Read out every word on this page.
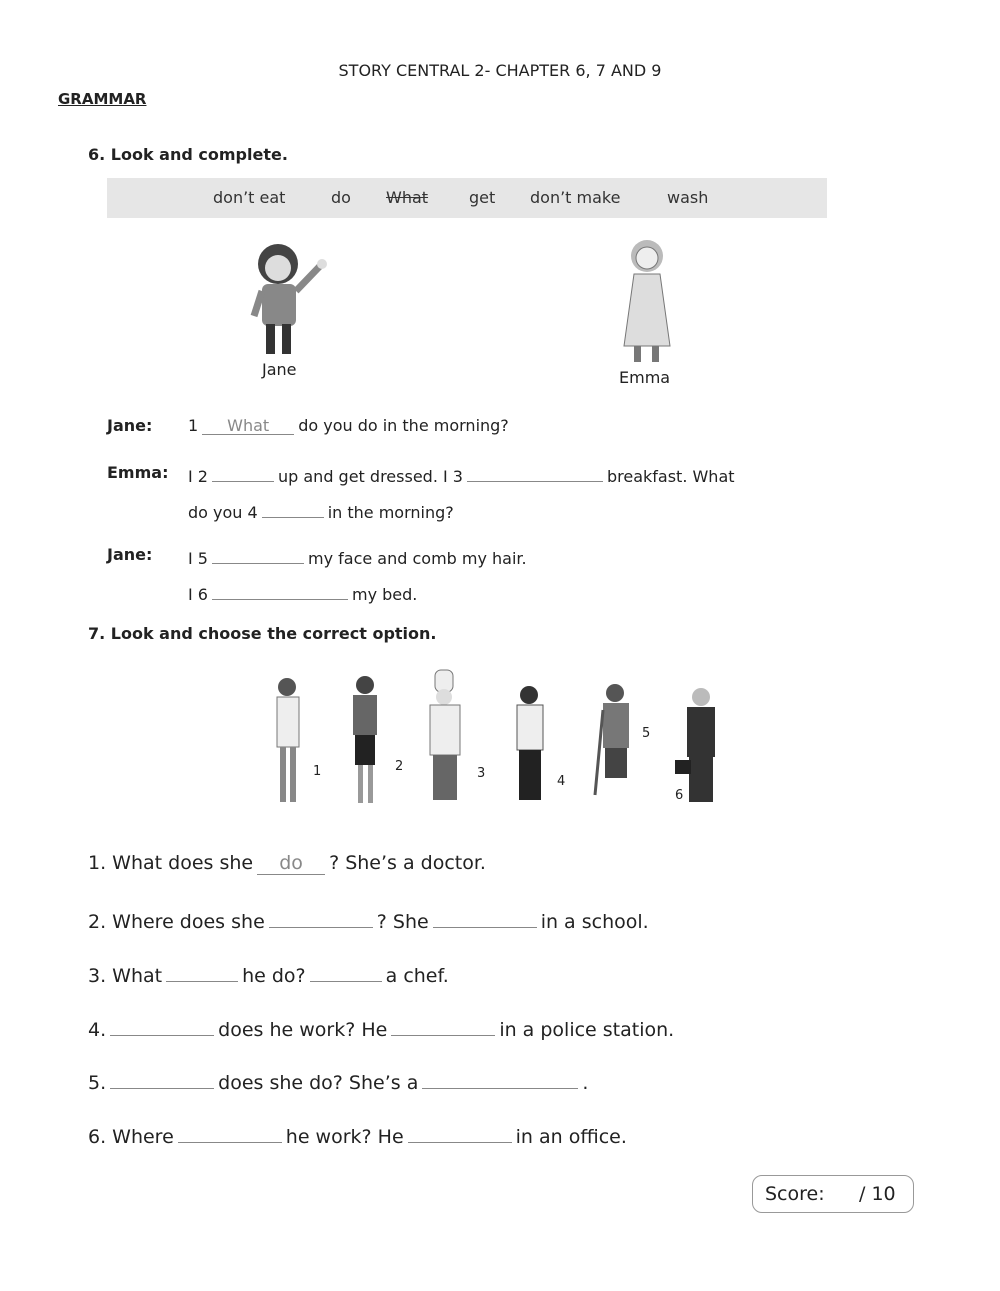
STORY CENTRAL 2- CHAPTER 6, 7 AND 9
GRAMMAR
6. Look and complete.
don’t eat	do What	get don’t make	wash
Jane	Emma
Jane: 1 What do you do in the morning?
Emma: I 2	up and get dressed. I 3	breakfast. What
do you 4	in the morning?
Jane: I 5	my face and comb my hair.
I 6	my bed.
7. Look and choose the correct option.
1	2	3
4
5
6
1. What does she do ? She’s a doctor.
2. Where does she	? She	in a school.
3. What	he do?	a chef.
4.	does he work? He	in a police station.
5.	does she do? She’s a	.
6. Where	he work? He	in an office.
Score: / 10
